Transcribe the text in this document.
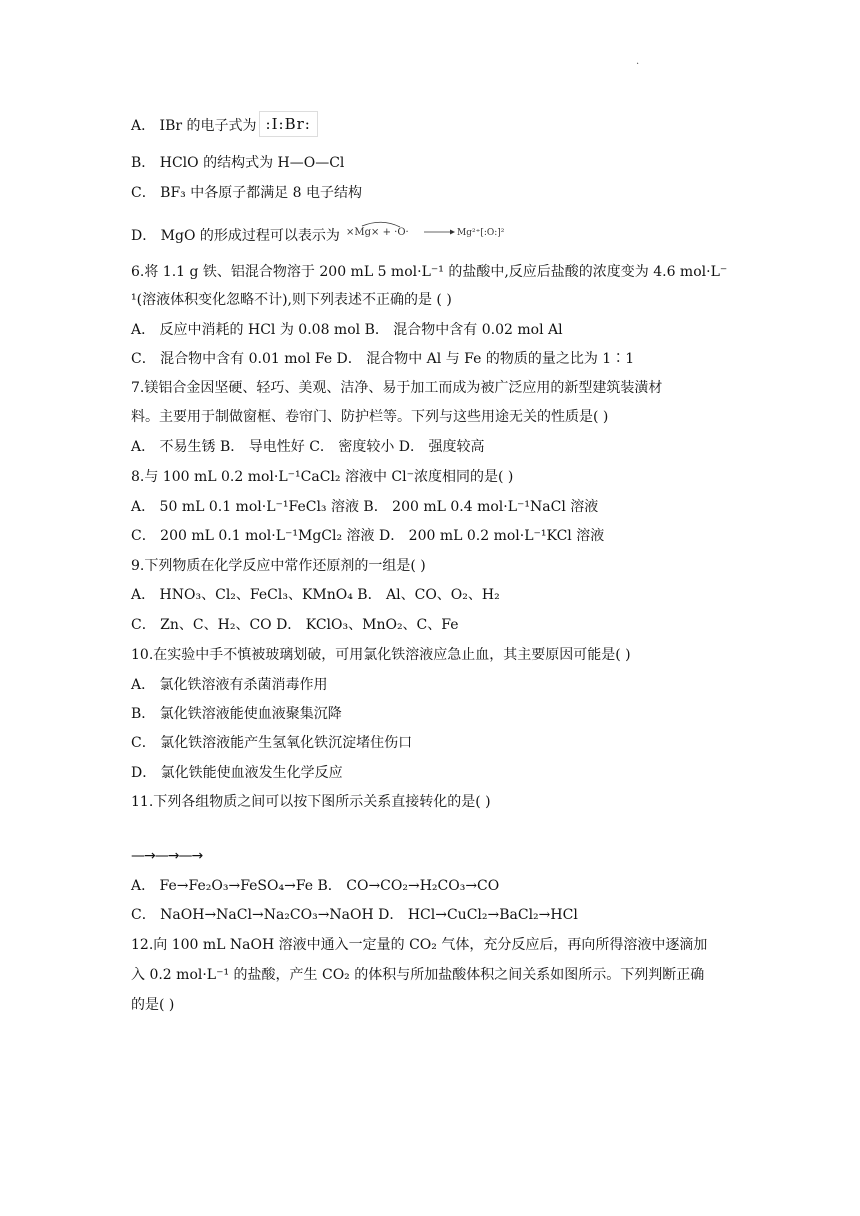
.
A． IBr 的电子式为 :I:Br:
B． HClO 的结构式为 H—O—Cl
C． BF₃ 中各原子都满足 8 电子结构
D． MgO 的形成过程可以表示为 ×Mg× + ·O·	Mg²⁺[:O:]²⁻
6.将 1.1 g 铁、铝混合物溶于 200 mL 5 mol·L⁻¹ 的盐酸中,反应后盐酸的浓度变为 4.6 mol·L⁻
¹(溶液体积变化忽略不计),则下列表述不正确的是 ( )
A． 反应中消耗的 HCl 为 0.08 mol B． 混合物中含有 0.02 mol Al
C． 混合物中含有 0.01 mol Fe D． 混合物中 Al 与 Fe 的物质的量之比为 1∶1
7.镁铝合金因坚硬、轻巧、美观、洁净、易于加工而成为被广泛应用的新型建筑装潢材
料。主要用于制做窗框、卷帘门、防护栏等。下列与这些用途无关的性质是( )
A． 不易生锈 B． 导电性好 C． 密度较小 D． 强度较高
8.与 100 mL 0.2 mol·L⁻¹CaCl₂ 溶液中 Cl⁻浓度相同的是( )
A． 50 mL 0.1 mol·L⁻¹FeCl₃ 溶液 B． 200 mL 0.4 mol·L⁻¹NaCl 溶液
C． 200 mL 0.1 mol·L⁻¹MgCl₂ 溶液 D． 200 mL 0.2 mol·L⁻¹KCl 溶液
9.下列物质在化学反应中常作还原剂的一组是( )
A． HNO₃、Cl₂、FeCl₃、KMnO₄ B． Al、CO、O₂、H₂
C． Zn、C、H₂、CO D． KClO₃、MnO₂、C、Fe
10.在实验中手不慎被玻璃划破，可用氯化铁溶液应急止血，其主要原因可能是( )
A． 氯化铁溶液有杀菌消毒作用
B． 氯化铁溶液能使血液聚集沉降
C． 氯化铁溶液能产生氢氧化铁沉淀堵住伤口
D． 氯化铁能使血液发生化学反应
11.下列各组物质之间可以按下图所示关系直接转化的是( )
—→—→—→
A． Fe→Fe₂O₃→FeSO₄→Fe B． CO→CO₂→H₂CO₃→CO
C． NaOH→NaCl→Na₂CO₃→NaOH D． HCl→CuCl₂→BaCl₂→HCl
12.向 100 mL NaOH 溶液中通入一定量的 CO₂ 气体，充分反应后，再向所得溶液中逐滴加
入 0.2 mol·L⁻¹ 的盐酸，产生 CO₂ 的体积与所加盐酸体积之间关系如图所示。下列判断正确
的是( )
